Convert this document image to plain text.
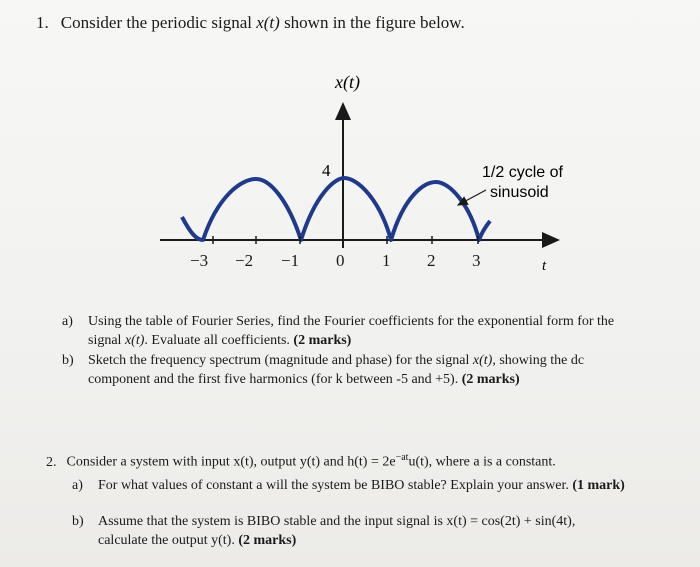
1. Consider the periodic signal x(t) shown in the figure below.
x(t)
t
−3 −2 −1 0 1 2 3
4	1/2 cycle of
sinusoid
a) Using the table of Fourier Series, find the Fourier coefficients for the exponential form for the
signal x(t). Evaluate all coefficients. (2 marks)
b) Sketch the frequency spectrum (magnitude and phase) for the signal x(t), showing the dc
component and the first five harmonics (for k between -5 and +5). (2 marks)
2. Consider a system with input x(t), output y(t) and $h(t) = 2e^{-at}u(t)$, where a is a constant.
a) For what values of constant a will the system be BIBO stable? Explain your answer. (1 mark)
b) Assume that the system is BIBO stable and the input signal is x(t) = cos(2t) + sin(4t),
calculate the output y(t). (2 marks)
